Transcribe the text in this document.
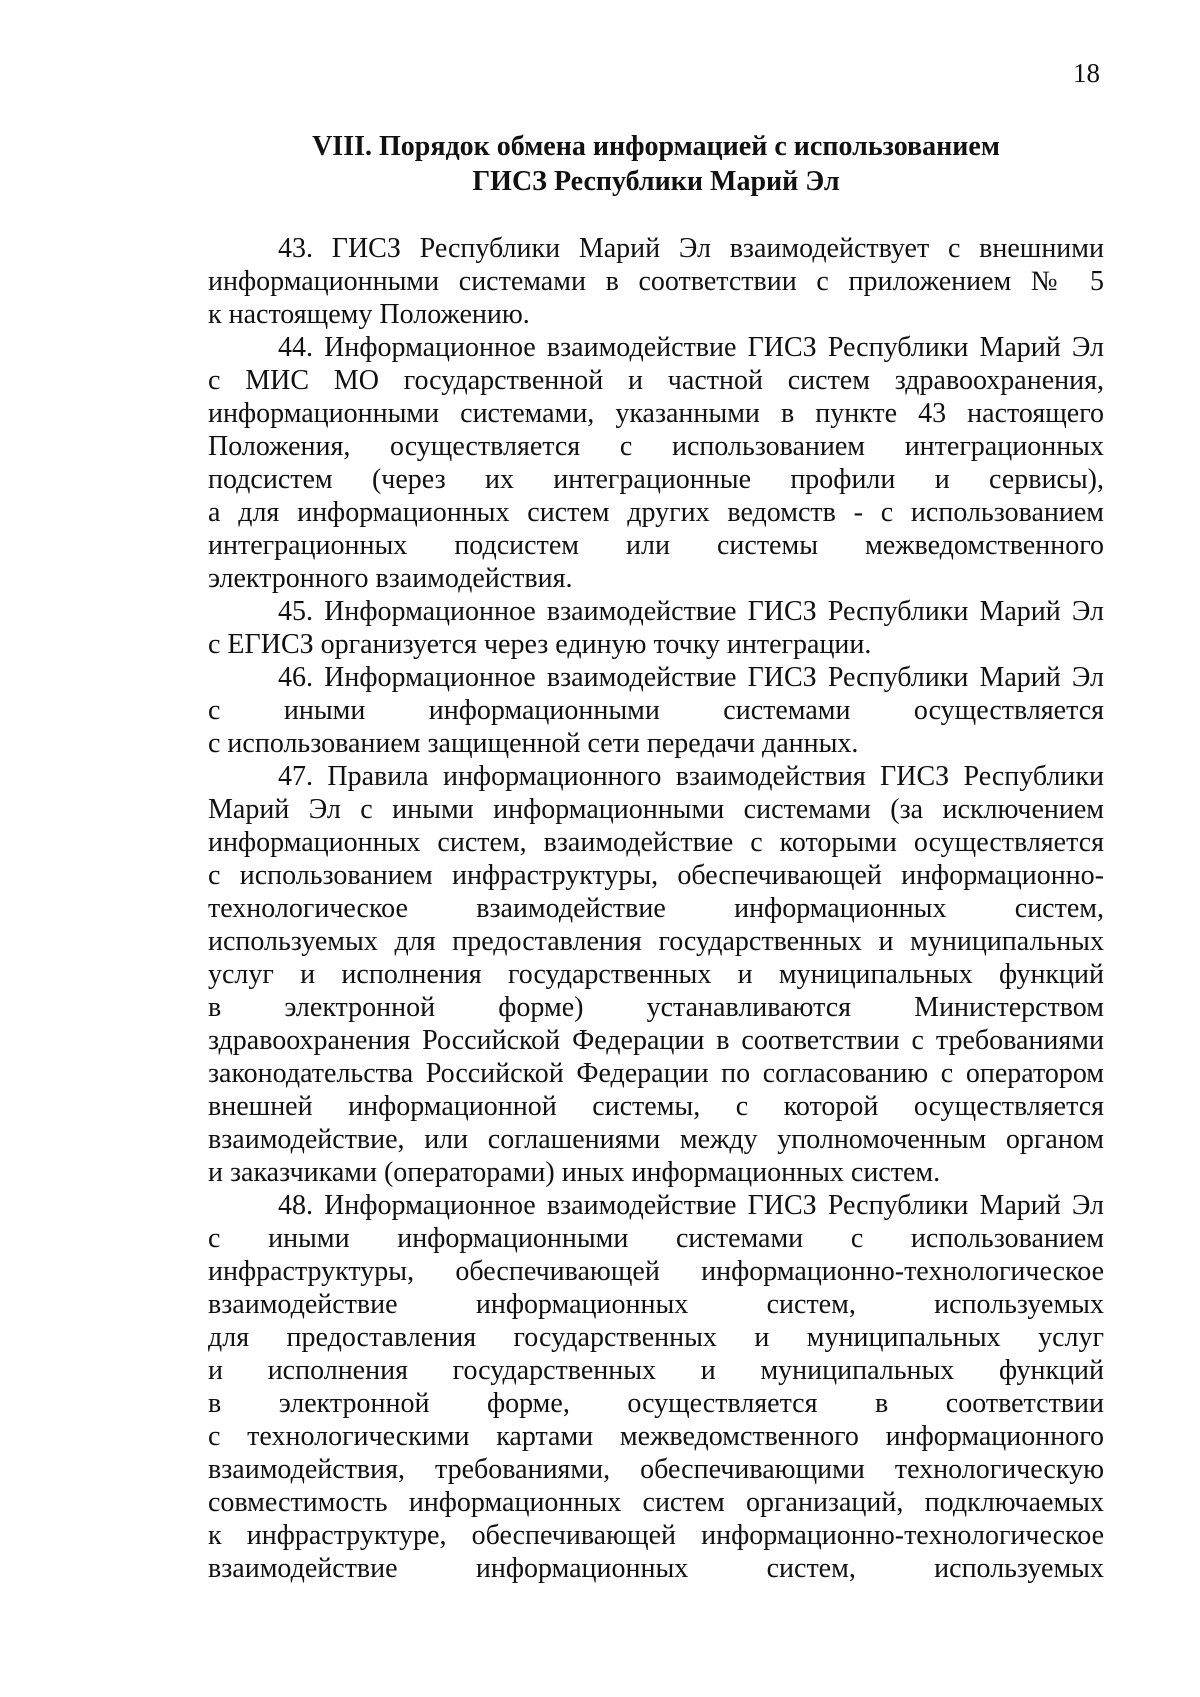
18
VIII. Порядок обмена информацией с использованием
ГИСЗ Республики Марий Эл
43. ГИСЗ Республики Марий Эл взаимодействует с внешними
информационными системами в соответствии с приложением № 5
к настоящему Положению.
44. Информационное взаимодействие ГИСЗ Республики Марий Эл
с МИС МО государственной и частной систем здравоохранения,
информационными системами, указанными в пункте 43 настоящего
Положения, осуществляется с использованием интеграционных
подсистем (через их интеграционные профили и сервисы),
а для информационных систем других ведомств - с использованием
интеграционных подсистем или системы межведомственного
электронного взаимодействия.
45. Информационное взаимодействие ГИСЗ Республики Марий Эл
с ЕГИСЗ организуется через единую точку интеграции.
46. Информационное взаимодействие ГИСЗ Республики Марий Эл
с иными информационными системами осуществляется
с использованием защищенной сети передачи данных.
47. Правила информационного взаимодействия ГИСЗ Республики
Марий Эл с иными информационными системами (за исключением
информационных систем, взаимодействие с которыми осуществляется
с использованием инфраструктуры, обеспечивающей информационно-
технологическое взаимодействие информационных систем,
используемых для предоставления государственных и муниципальных
услуг и исполнения государственных и муниципальных функций
в электронной форме) устанавливаются Министерством
здравоохранения Российской Федерации в соответствии с требованиями
законодательства Российской Федерации по согласованию с оператором
внешней информационной системы, с которой осуществляется
взаимодействие, или соглашениями между уполномоченным органом
и заказчиками (операторами) иных информационных систем.
48. Информационное взаимодействие ГИСЗ Республики Марий Эл
с иными информационными системами с использованием
инфраструктуры, обеспечивающей информационно-технологическое
взаимодействие информационных систем, используемых
для предоставления государственных и муниципальных услуг
и исполнения государственных и муниципальных функций
в электронной форме, осуществляется в соответствии
с технологическими картами межведомственного информационного
взаимодействия, требованиями, обеспечивающими технологическую
совместимость информационных систем организаций, подключаемых
к инфраструктуре, обеспечивающей информационно-технологическое
взаимодействие информационных систем, используемых
